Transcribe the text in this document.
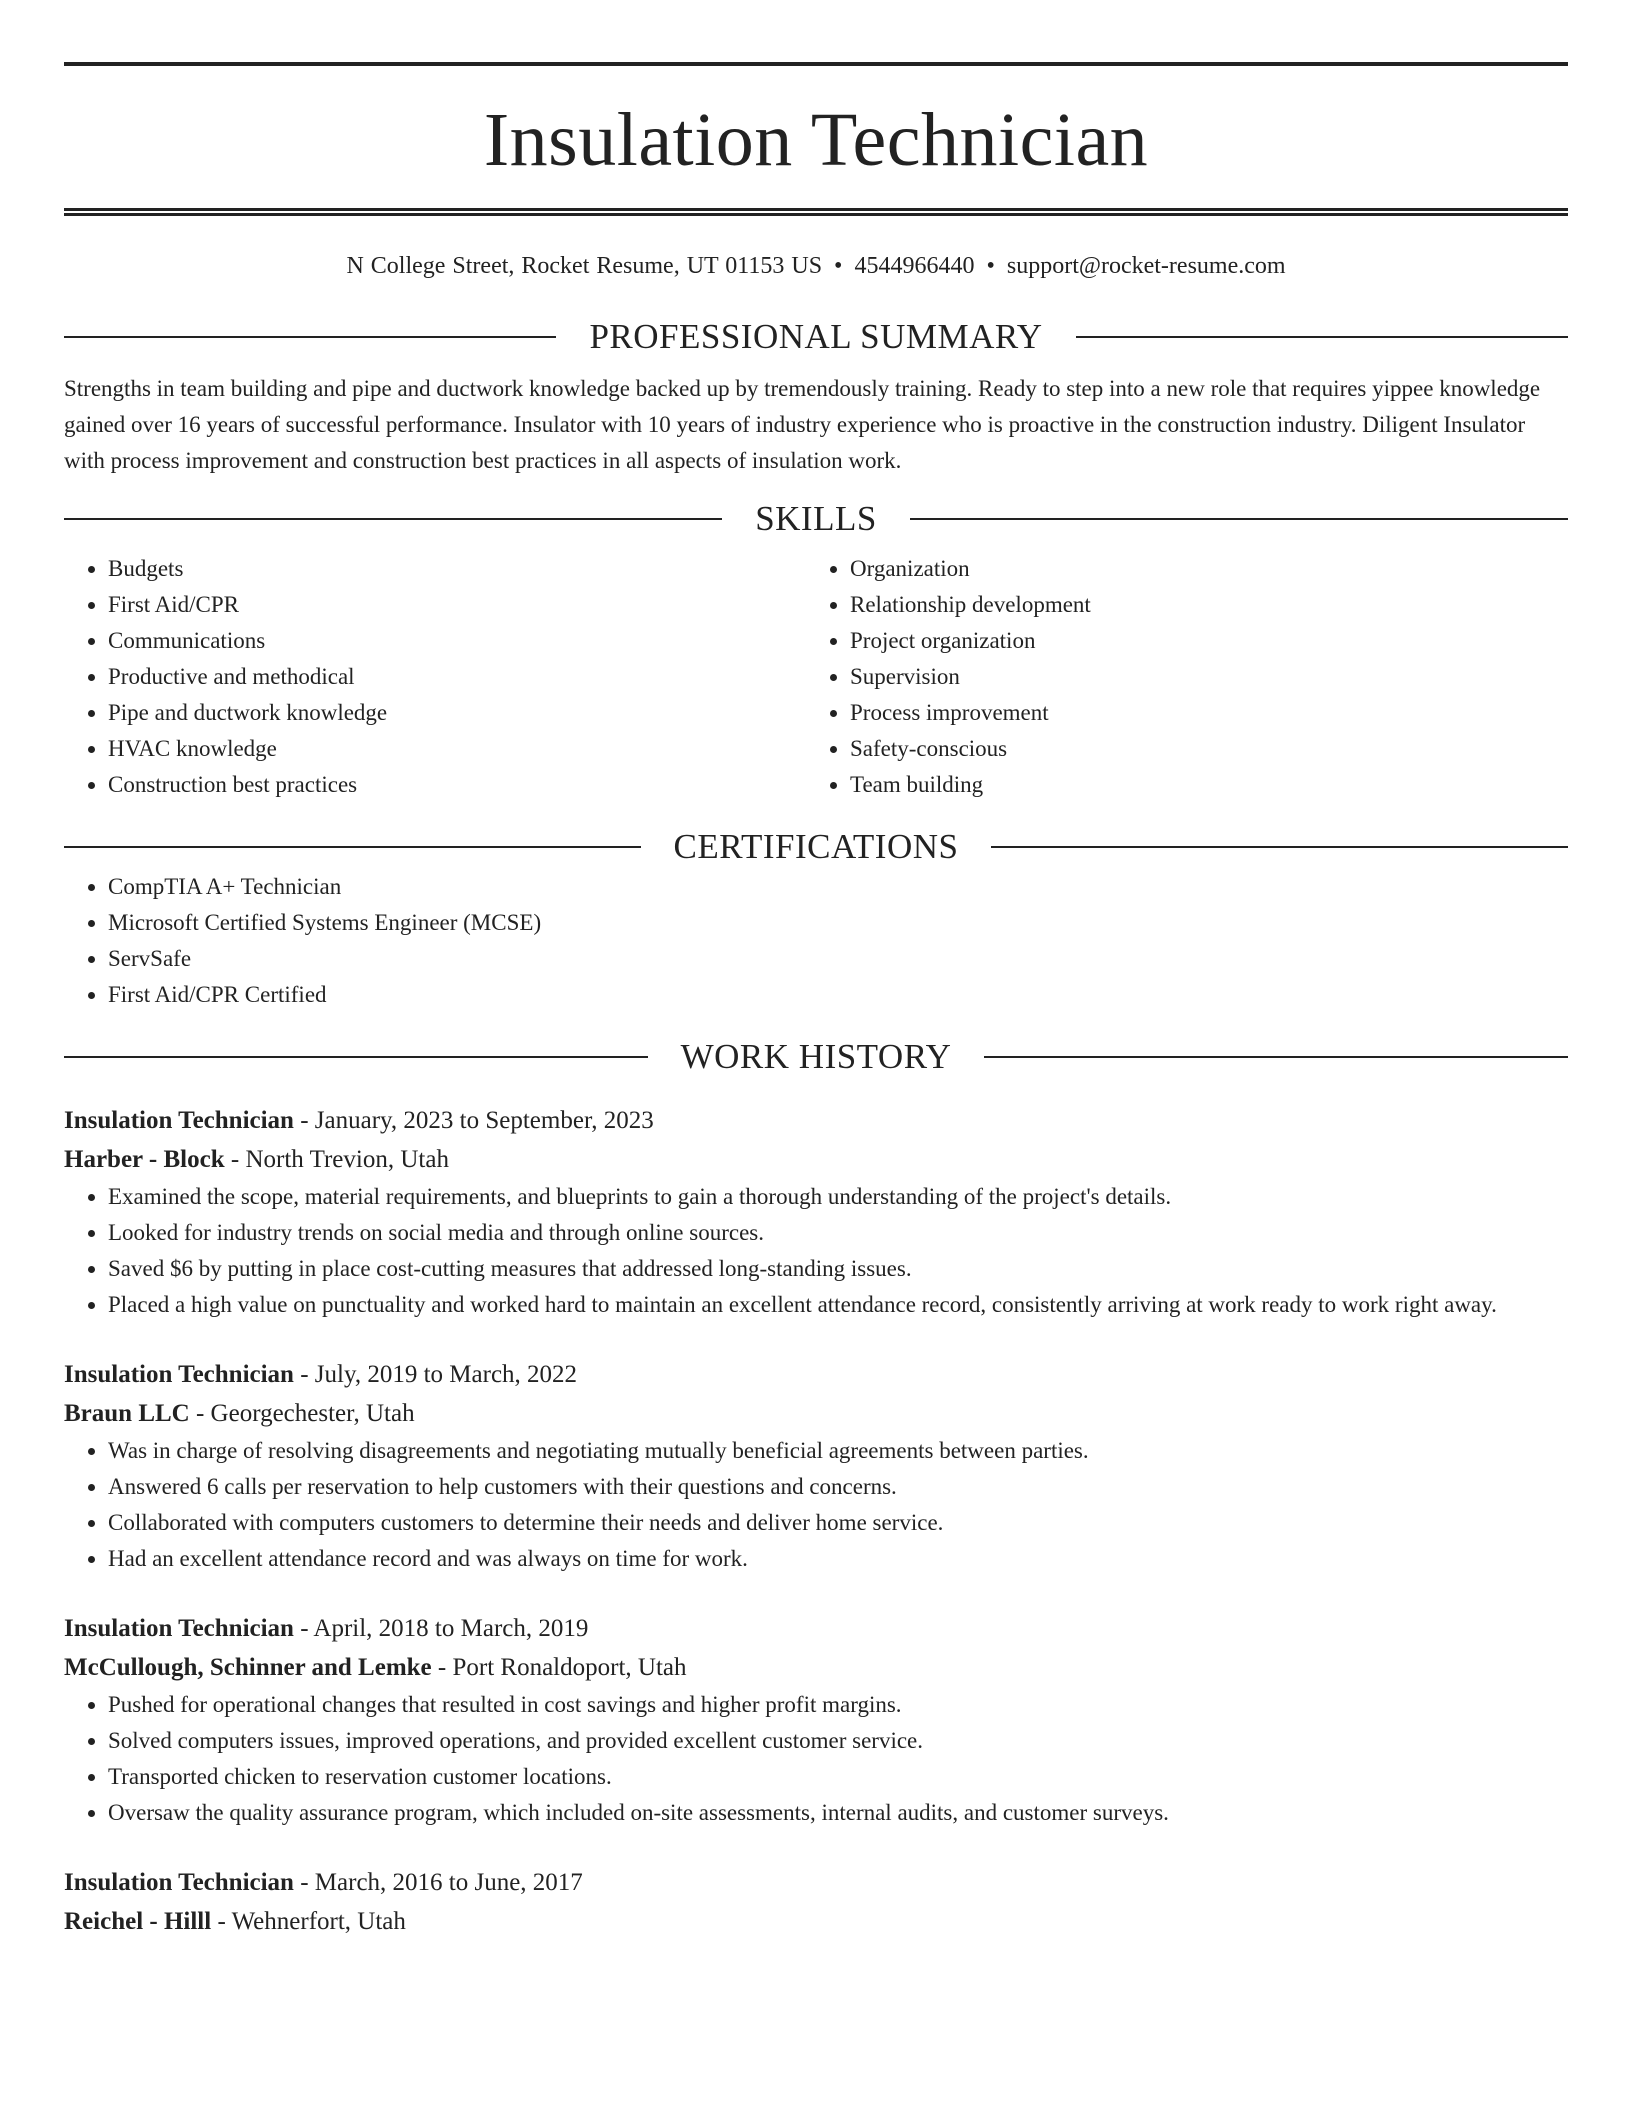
Insulation Technician
N College Street, Rocket Resume, UT 01153 US • 4544966440 • support@rocket-resume.com
PROFESSIONAL SUMMARY

Strengths in team building and pipe and ductwork knowledge backed up by tremendously training. Ready to step into a new role that requires yippee knowledge gained over 16 years of successful performance. Insulator with 10 years of industry experience who is proactive in the construction industry. Diligent Insulator with process improvement and construction best practices in all aspects of insulation work.

SKILLS
• Budgets
• First Aid/CPR
• Communications
• Productive and methodical
• Pipe and ductwork knowledge
• HVAC knowledge
• Construction best practices
• Organization
• Relationship development
• Project organization
• Supervision
• Process improvement
• Safety-conscious
• Team building
CERTIFICATIONS
• CompTIA A+ Technician
• Microsoft Certified Systems Engineer (MCSE)
• ServSafe
• First Aid/CPR Certified
WORK HISTORY
Insulation Technician - January, 2023 to September, 2023
Harber - Block - North Trevion, Utah
• Examined the scope, material requirements, and blueprints to gain a thorough understanding of the project's details.
• Looked for industry trends on social media and through online sources.
• Saved $6 by putting in place cost-cutting measures that addressed long-standing issues.
• Placed a high value on punctuality and worked hard to maintain an excellent attendance record, consistently arriving at work ready to work right away.
Insulation Technician - July, 2019 to March, 2022
Braun LLC - Georgechester, Utah
• Was in charge of resolving disagreements and negotiating mutually beneficial agreements between parties.
• Answered 6 calls per reservation to help customers with their questions and concerns.
• Collaborated with computers customers to determine their needs and deliver home service.
• Had an excellent attendance record and was always on time for work.
Insulation Technician - April, 2018 to March, 2019
McCullough, Schinner and Lemke - Port Ronaldoport, Utah
• Pushed for operational changes that resulted in cost savings and higher profit margins.
• Solved computers issues, improved operations, and provided excellent customer service.
• Transported chicken to reservation customer locations.
• Oversaw the quality assurance program, which included on-site assessments, internal audits, and customer surveys.
Insulation Technician - March, 2016 to June, 2017
Reichel - Hilll - Wehnerfort, Utah
